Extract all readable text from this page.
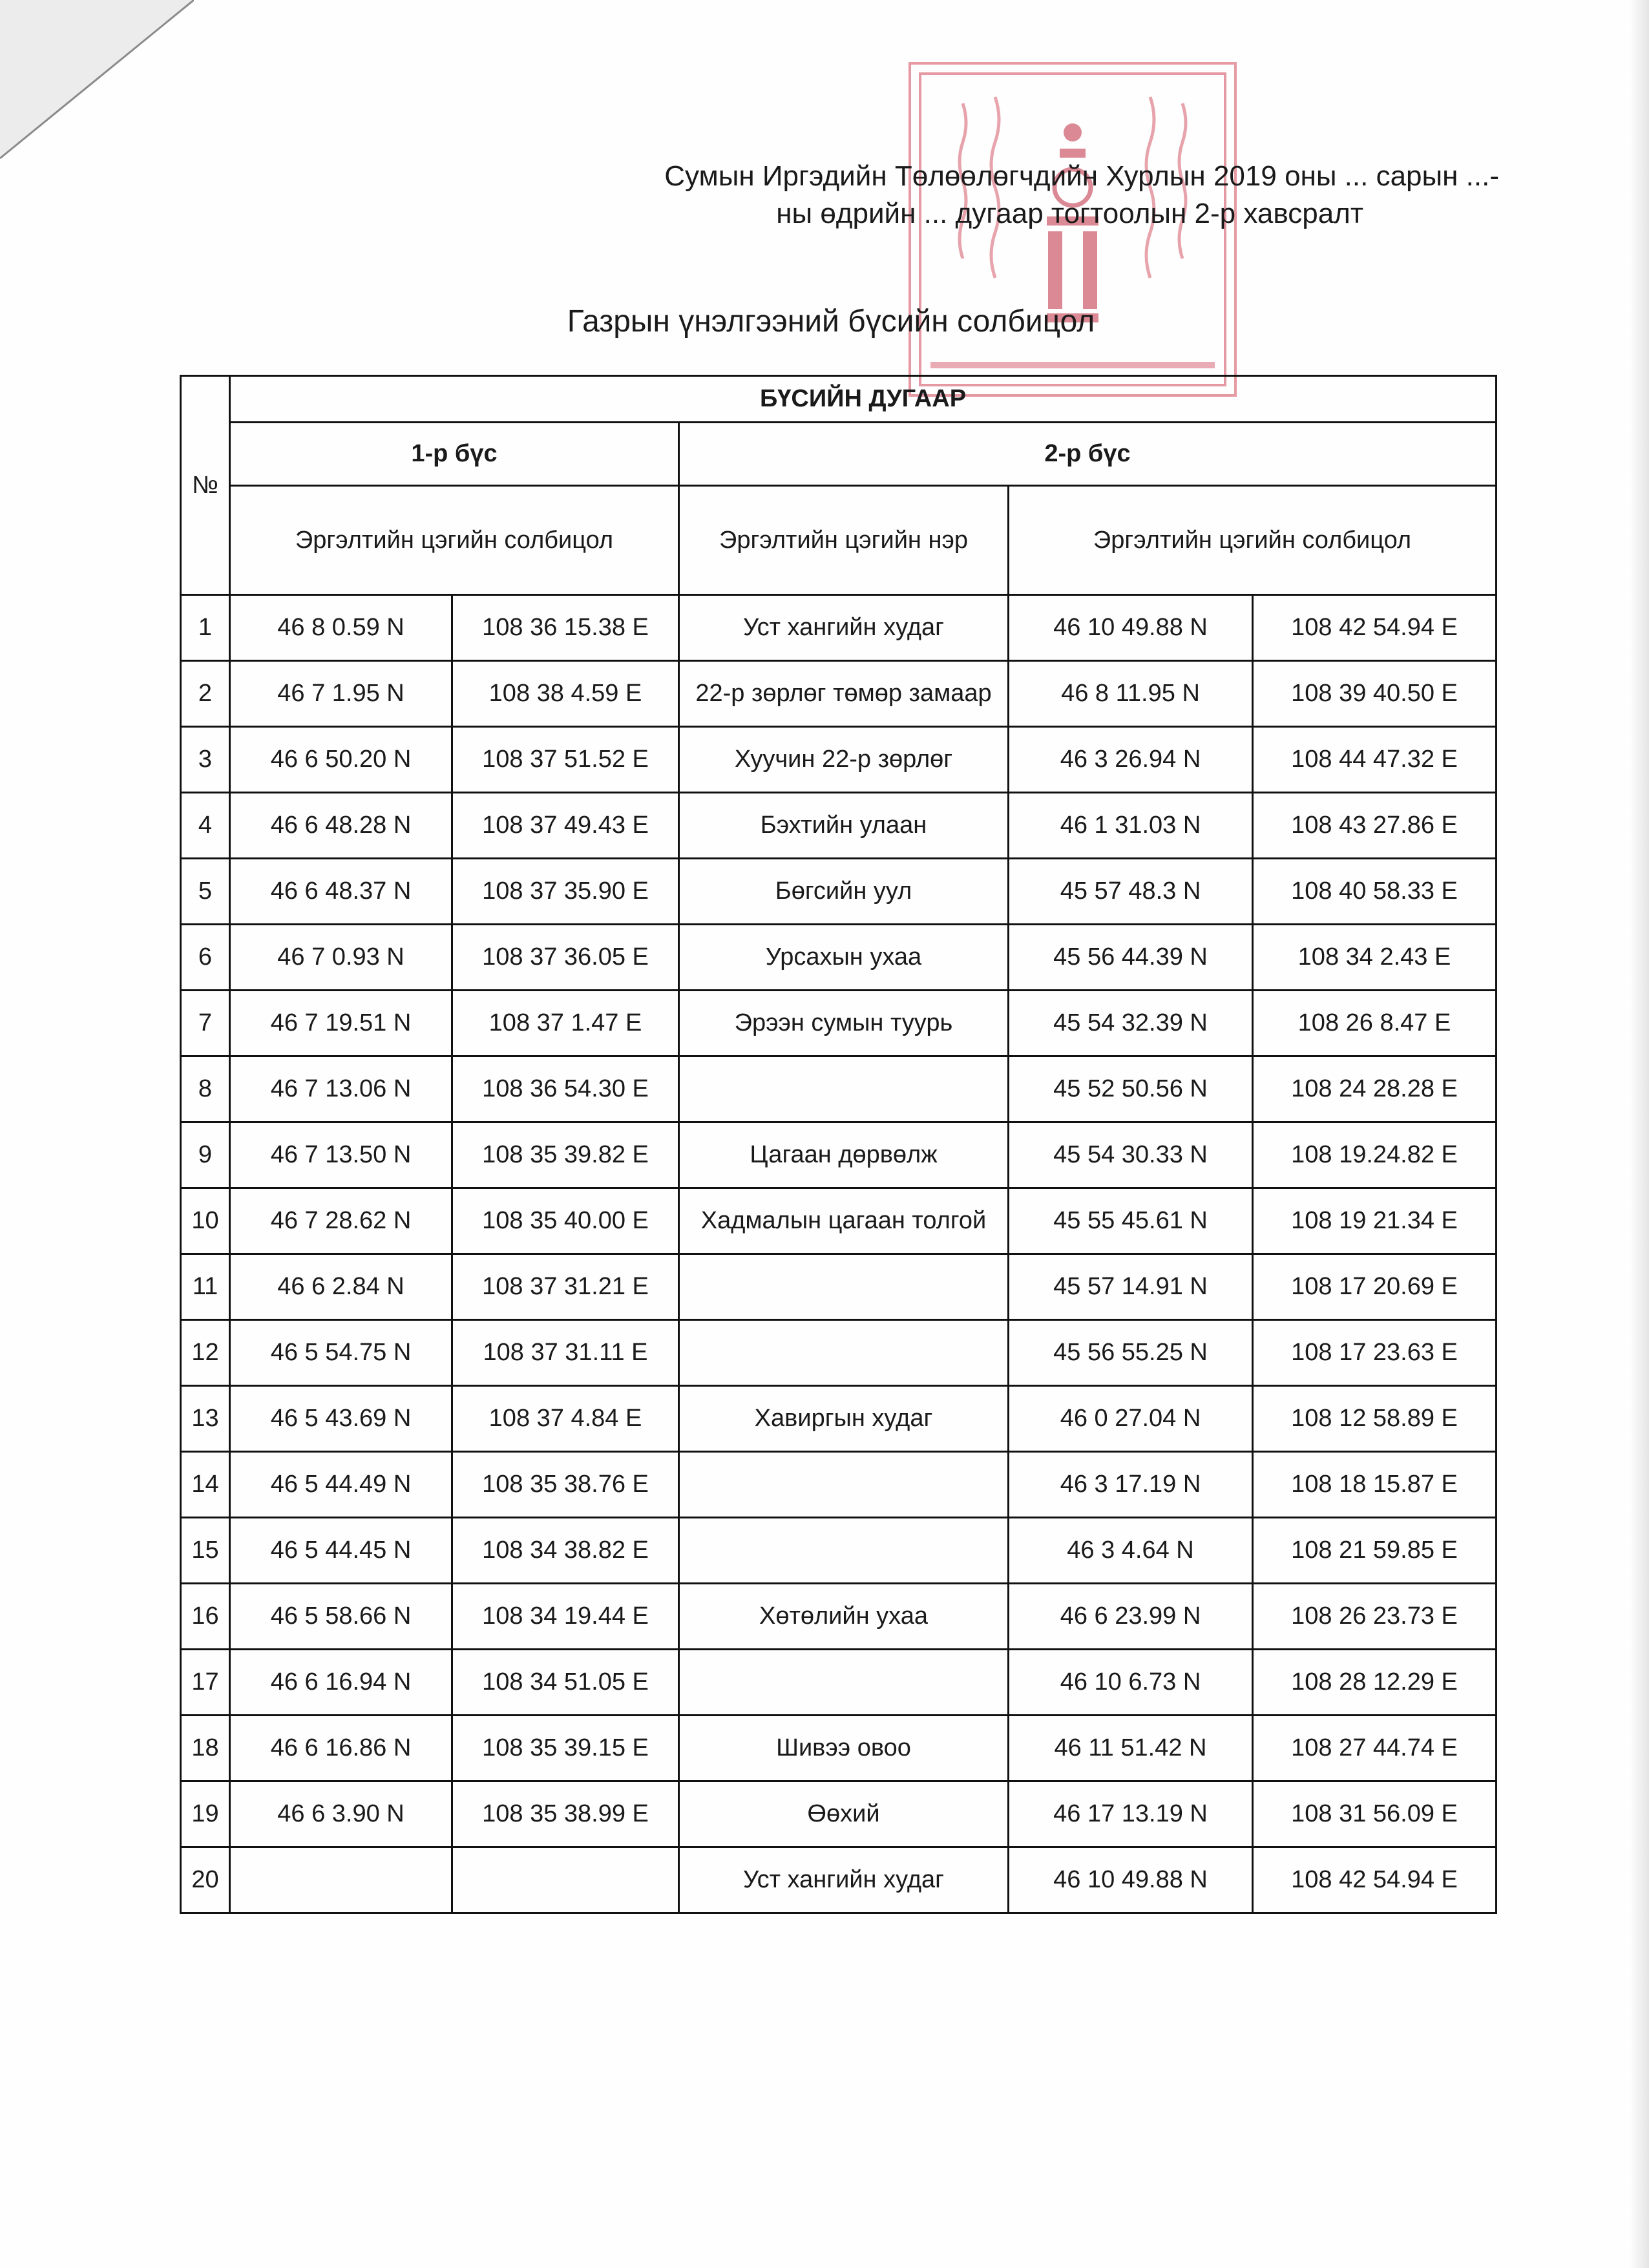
Сумын Иргэдийн Төлөөлөгчдийн Хурлын 2019 оны ... сарын ...-
ны өдрийн ... дугаар тогтоолын 2-р хавсралт
Газрын үнэлгээний бүсийн солбицол
№	БҮСИЙН ДУГААР				
	1-р бүс		2-р бүс		
	Эргэлтийн цэгийн солбицол		Эргэлтийн цэгийн нэр	Эргэлтийн цэгийн солбицол	
1	46 8 0.59 N	108 36 15.38 E	Уст хангийн худаг	46 10 49.88 N	108 42 54.94 E
2	46 7 1.95 N	108 38 4.59 E	22-р зөрлөг төмөр замаар	46 8 11.95 N	108 39 40.50 E
3	46 6 50.20 N	108 37 51.52 E	Хуучин 22-р зөрлөг	46 3 26.94 N	108 44 47.32 E
4	46 6 48.28 N	108 37 49.43 E	Бэхтийн улаан	46 1 31.03 N	108 43 27.86 E
5	46 6 48.37 N	108 37 35.90 E	Бөгсийн уул	45 57 48.3 N	108 40 58.33 E
6	46 7 0.93 N	108 37 36.05 E	Урсахын ухаа	45 56 44.39 N	108 34 2.43 E
7	46 7 19.51 N	108 37 1.47 E	Эрээн сумын туурь	45 54 32.39 N	108 26 8.47 E
8	46 7 13.06 N	108 36 54.30 E		45 52 50.56 N	108 24 28.28 E
9	46 7 13.50 N	108 35 39.82 E	Цагаан дөрвөлж	45 54 30.33 N	108 19.24.82 E
10	46 7 28.62 N	108 35 40.00 E	Хадмалын цагаан толгой	45 55 45.61 N	108 19 21.34 E
11	46 6 2.84 N	108 37 31.21 E		45 57 14.91 N	108 17 20.69 E
12	46 5 54.75 N	108 37 31.11 E		45 56 55.25 N	108 17 23.63 E
13	46 5 43.69 N	108 37 4.84 E	Хавиргын худаг	46 0 27.04 N	108 12 58.89 E
14	46 5 44.49 N	108 35 38.76 E		46 3 17.19 N	108 18 15.87 E
15	46 5 44.45 N	108 34 38.82 E		46 3 4.64 N	108 21 59.85 E
16	46 5 58.66 N	108 34 19.44 E	Хөтөлийн ухаа	46 6 23.99 N	108 26 23.73 E
17	46 6 16.94 N	108 34 51.05 E		46 10 6.73 N	108 28 12.29 E
18	46 6 16.86 N	108 35 39.15 E	Шивээ овоо	46 11 51.42 N	108 27 44.74 E
19	46 6 3.90 N	108 35 38.99 E	Өөхий	46 17 13.19 N	108 31 56.09 E
20			Уст хангийн худаг	46 10 49.88 N	108 42 54.94 E
